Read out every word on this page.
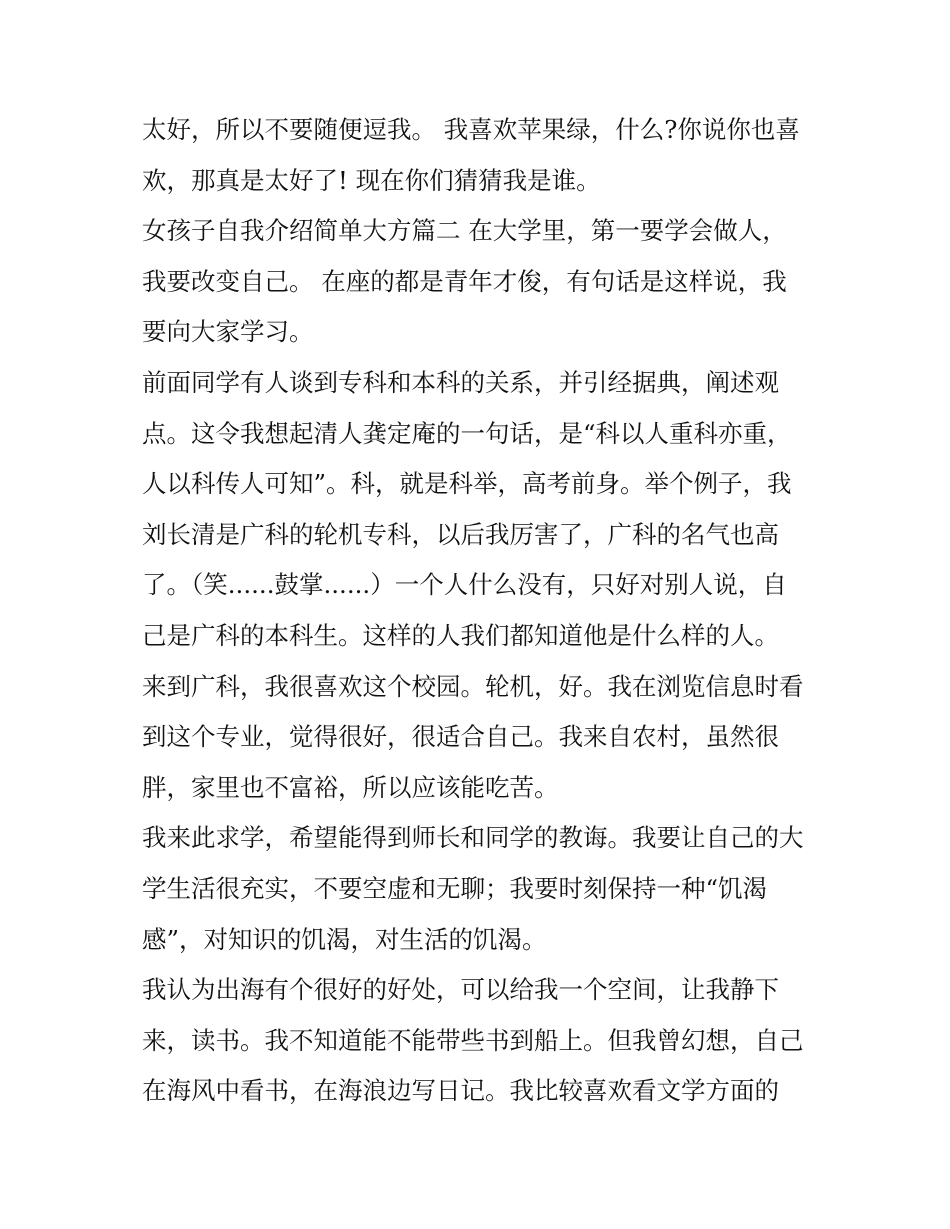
太好，所以不要随便逗我。 我喜欢苹果绿，什么?你说你也喜

欢，那真是太好了! 现在你们猜猜我是谁。

女孩子自我介绍简单大方篇二 在大学里，第一要学会做人，

我要改变自己。 在座的都是青年才俊，有句话是这样说，我

要向大家学习。

前面同学有人谈到专科和本科的关系，并引经据典，阐述观

点。这令我想起清人龚定庵的一句话，是“科以人重科亦重，

人以科传人可知”。科，就是科举，高考前身。举个例子，我

刘长清是广科的轮机专科，以后我厉害了，广科的名气也高

了。（笑......鼓掌......）一个人什么没有，只好对别人说，自

己是广科的本科生。这样的人我们都知道他是什么样的人。

来到广科，我很喜欢这个校园。轮机，好。我在浏览信息时看

到这个专业，觉得很好，很适合自己。我来自农村，虽然很

胖，家里也不富裕，所以应该能吃苦。

我来此求学，希望能得到师长和同学的教诲。我要让自己的大

学生活很充实，不要空虚和无聊；我要时刻保持一种“饥渴

感”，对知识的饥渴，对生活的饥渴。

我认为出海有个很好的好处，可以给我一个空间，让我静下

来，读书。我不知道能不能带些书到船上。但我曾幻想，自己

在海风中看书，在海浪边写日记。我比较喜欢看文学方面的
